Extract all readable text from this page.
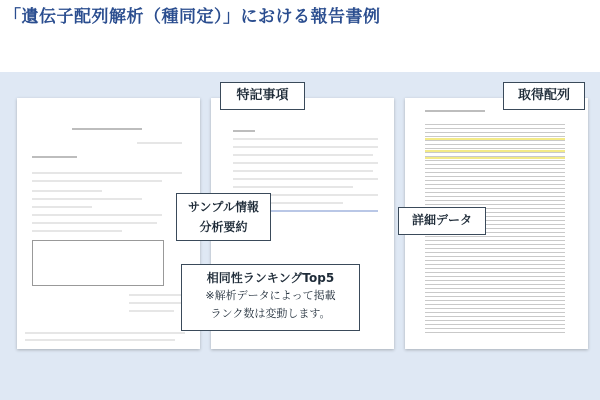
「遺伝子配列解析（種同定）」における報告書例
特記事項	取得配列
サンプル情報
分析要約	詳細データ
相同性ランキングTop5
※解析データによって掲載
ランク数は変動します。
